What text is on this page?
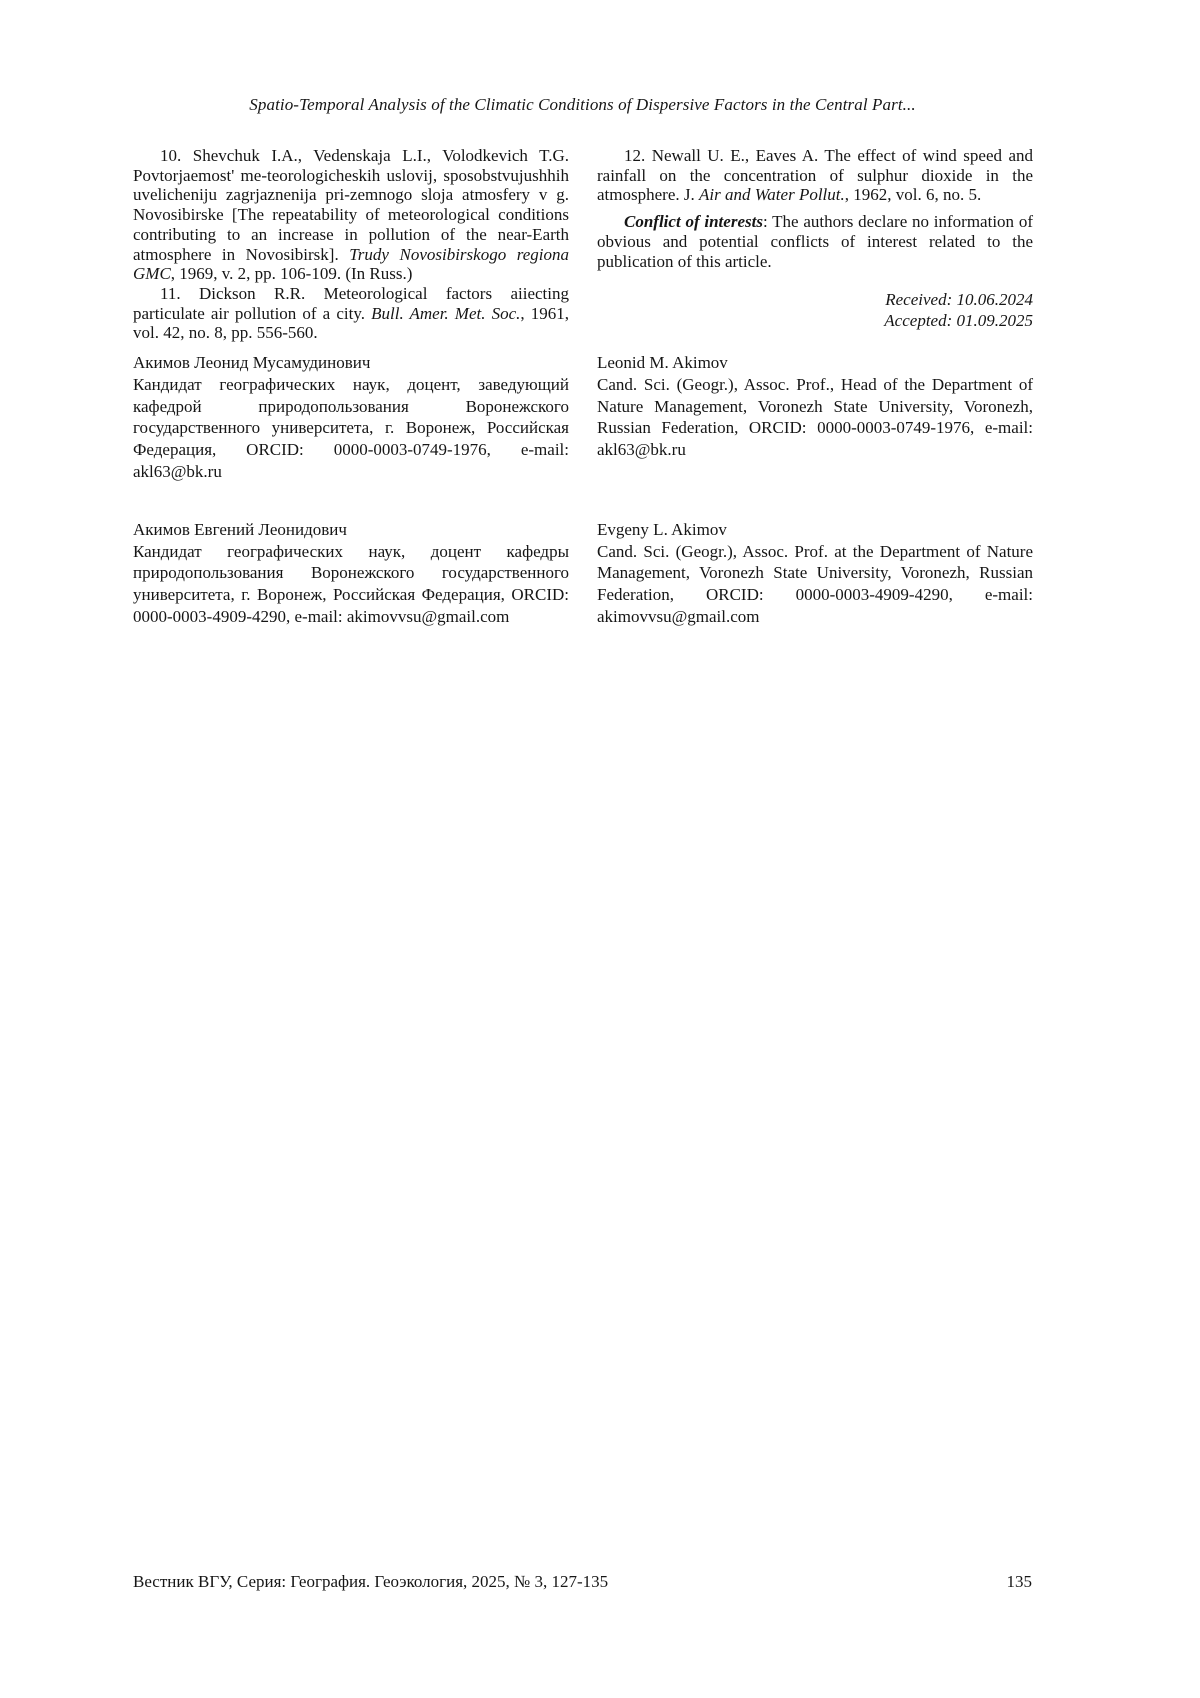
Spatio-Temporal Analysis of the Climatic Conditions of Dispersive Factors in the Central Part...

10. Shevchuk I.A., Vedenskaja L.I., Volodkevich T.G. Povtorjaemost' me-teorologicheskih uslovij, sposobstvujushhih uvelicheniju zagrjaznenija pri-zemnogo sloja atmosfery v g. Novosibirske [The repeatability of meteorological conditions contributing to an increase in pollution of the near-Earth atmosphere in Novosibirsk]. Trudy Novosibirskogo regiona GMC, 1969, v. 2, pp. 106-109. (In Russ.)

11. Dickson R.R. Meteorological factors aiiecting particulate air pollution of a city. Bull. Amer. Met. Soc., 1961, vol. 42, no. 8, pp. 556-560.

12. Newall U. E., Eaves A. The effect of wind speed and rainfall on the concentration of sulphur dioxide in the atmosphere. J. Air and Water Pollut., 1962, vol. 6, no. 5.

Conflict of interests: The authors declare no information of obvious and potential conflicts of interest related to the publication of this article.

Received: 10.06.2024
Accepted: 01.09.2025
Акимов Леонид Мусамудинович
Кандидат географических наук, доцент, заведующий кафедрой природопользования Воронежского государственного университета, г. Воронеж, Российская Федерация, ORCID: 0000-0003-0749-1976, e-mail: akl63@bk.ru
Leonid M. Akimov
Cand. Sci. (Geogr.), Assoc. Prof., Head of the Department of Nature Management, Voronezh State University, Voronezh, Russian Federation, ORCID: 0000-0003-0749-1976, e-mail: akl63@bk.ru
Акимов Евгений Леонидович
Кандидат географических наук, доцент кафедры природопользования Воронежского государственного университета, г. Воронеж, Российская Федерация, ORCID: 0000-0003-4909-4290, e-mail: akimovvsu@gmail.com
Evgeny L. Akimov
Cand. Sci. (Geogr.), Assoc. Prof. at the Department of Nature Management, Voronezh State University, Voronezh, Russian Federation, ORCID: 0000-0003-4909-4290, e-mail: akimovvsu@gmail.com
Вестник ВГУ, Серия: География. Геоэкология, 2025, № 3, 127-135	135
